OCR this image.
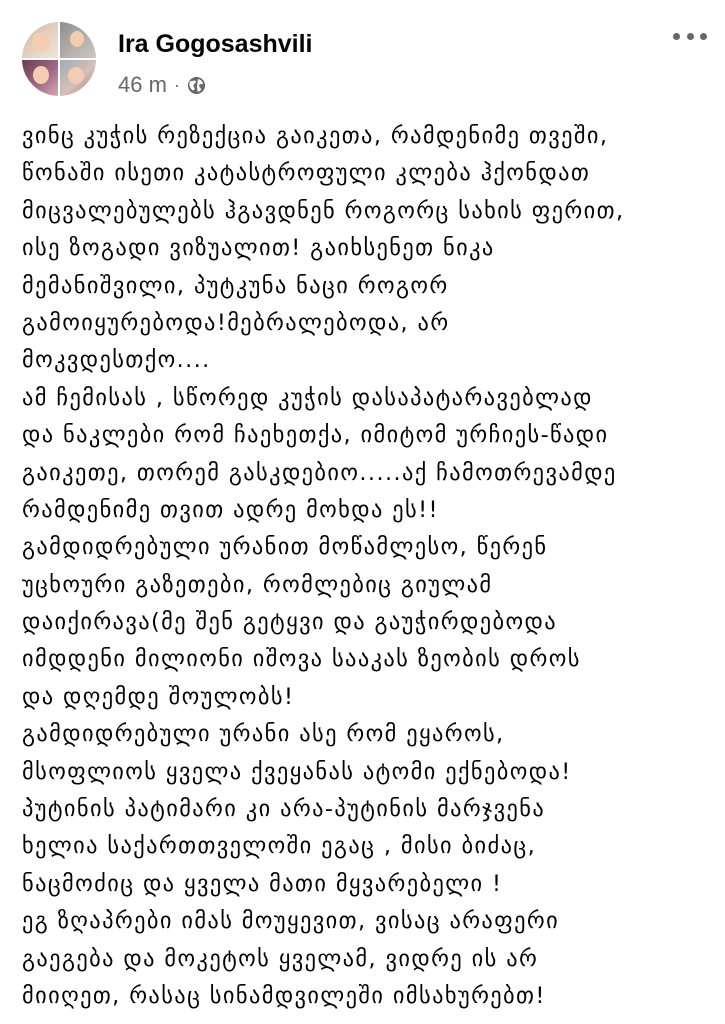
Ira Gogosashvili
46 m ·
ვინც კუჭის რეზექცია გაიკეთა, რამდენიმე თვეში,
წონაში ისეთი კატასტროფული კლება ჰქონდათ
მიცვალებულებს ჰგავდნენ როგორც სახის ფერით,
ისე ზოგადი ვიზუალით! გაიხსენეთ ნიკა
მემანიშვილი, პუტკუნა ნაცი როგორ
გამოიყურებოდა!მებრალებოდა, არ
მოკვდესთქო....
ამ ჩემისას , სწორედ კუჭის დასაპატარავებლად
და ნაკლები რომ ჩაეხეთქა, იმიტომ ურჩიეს-წადი
გაიკეთე, თორემ გასკდებიო.....აქ ჩამოთრევამდე
რამდენიმე თვით ადრე მოხდა ეს!!
გამდიდრებული ურანით მოწამლესო, წერენ
უცხოური გაზეთები, რომლებიც გიულამ
დაიქირავა(მე შენ გეტყვი და გაუჭირდებოდა
იმდდენი მილიონი იშოვა სააკას ზეობის დროს
და დღემდე შოულობს!
გამდიდრებული ურანი ასე რომ ეყაროს,
მსოფლიოს ყველა ქვეყანას ატომი ექნებოდა!
პუტინის პატიმარი კი არა-პუტინის მარჯვენა
ხელია საქართთველოში ეგაც , მისი ბიძაც,
ნაცმოძიც და ყველა მათი მყვარებელი !
ეგ ზღაპრები იმას მოუყევით, ვისაც არაფერი
გაეგება და მოკეტოს ყველამ, ვიდრე ის არ
მიიღეთ, რასაც სინამდვილეში იმსახურებთ!
